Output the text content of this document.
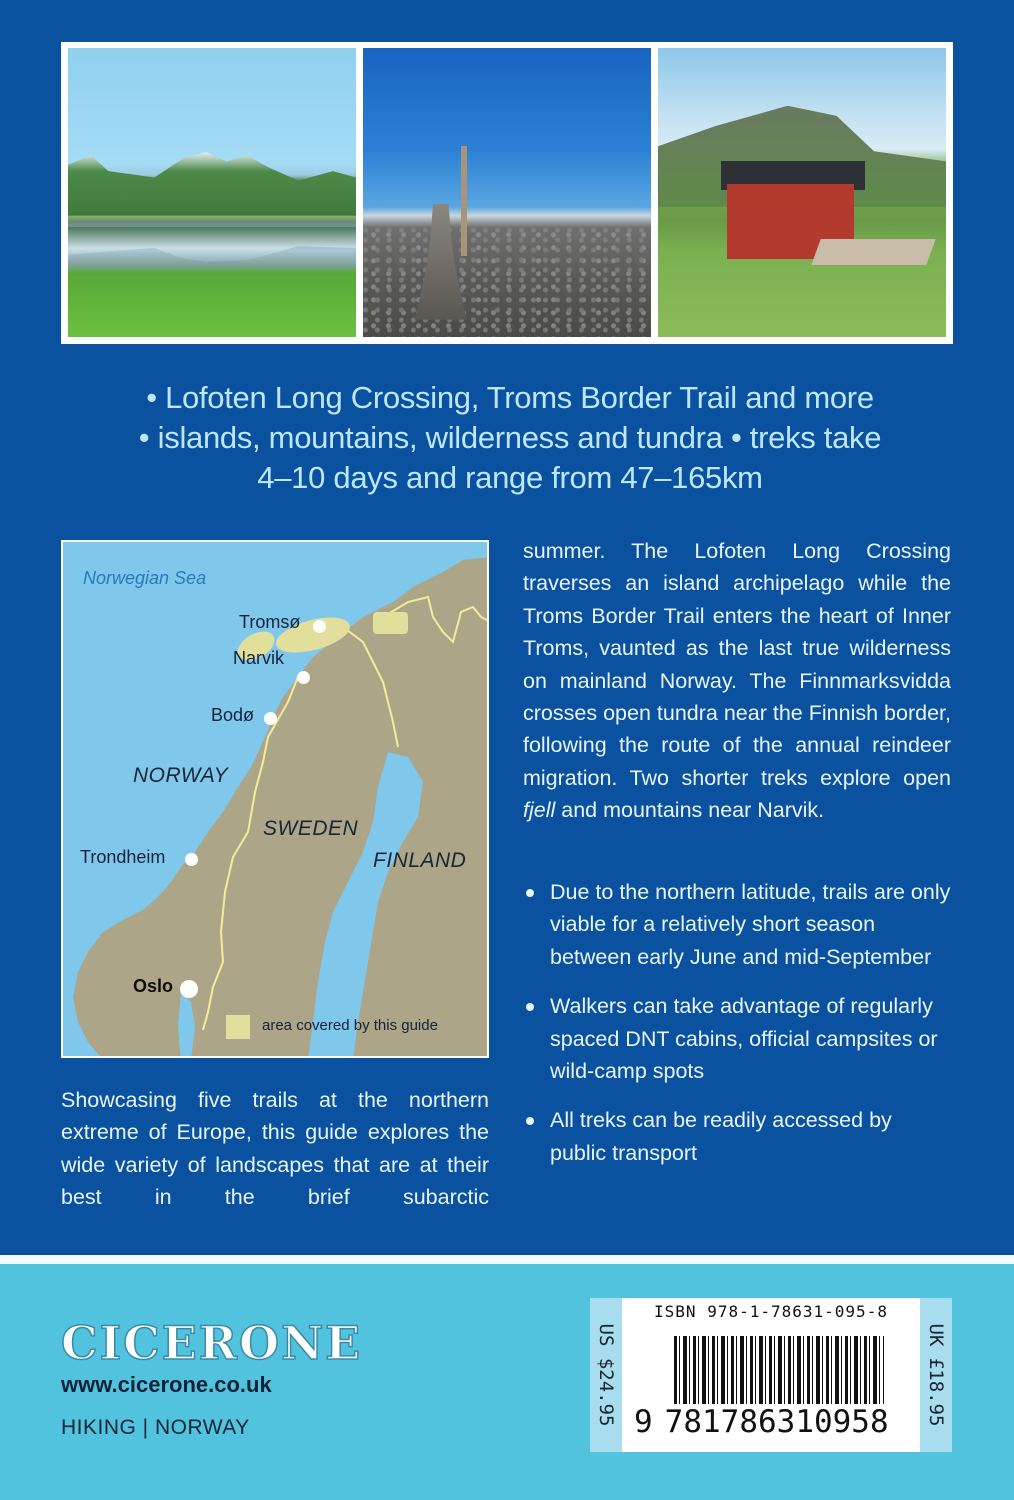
• Lofoten Long Crossing, Troms Border Trail and more
• islands, mountains, wilderness and tundra • treks take
4–10 days and range from 47–165km
Norwegian Sea
Tromsø
Narvik
Bodø
NORWAY
SWEDEN
FINLAND
Trondheim
Oslo
area covered by this guide

summer. The Lofoten Long Crossing traverses an island archipelago while the Troms Border Trail enters the heart of Inner Troms, vaunted as the last true wilderness on mainland Norway. The Finnmarksvidda crosses open tundra near the Finnish border, following the route of the annual reindeer migration. Two shorter treks explore open fjell and mountains near Narvik.

Due to the northern latitude, trails are only viable for a relatively short season between early June and mid-September
Walkers can take advantage of regularly spaced DNT cabins, official campsites or wild-camp spots
All treks can be readily accessed by public transport

Showcasing five trails at the northern extreme of Europe, this guide explores the wide variety of landscapes that are at their best in the brief subarctic

CICERONE
www.cicerone.co.uk
HIKING | NORWAY
US $24.95
ISBN 978-1-78631-095-8
9 781786310958 UK £18.95
